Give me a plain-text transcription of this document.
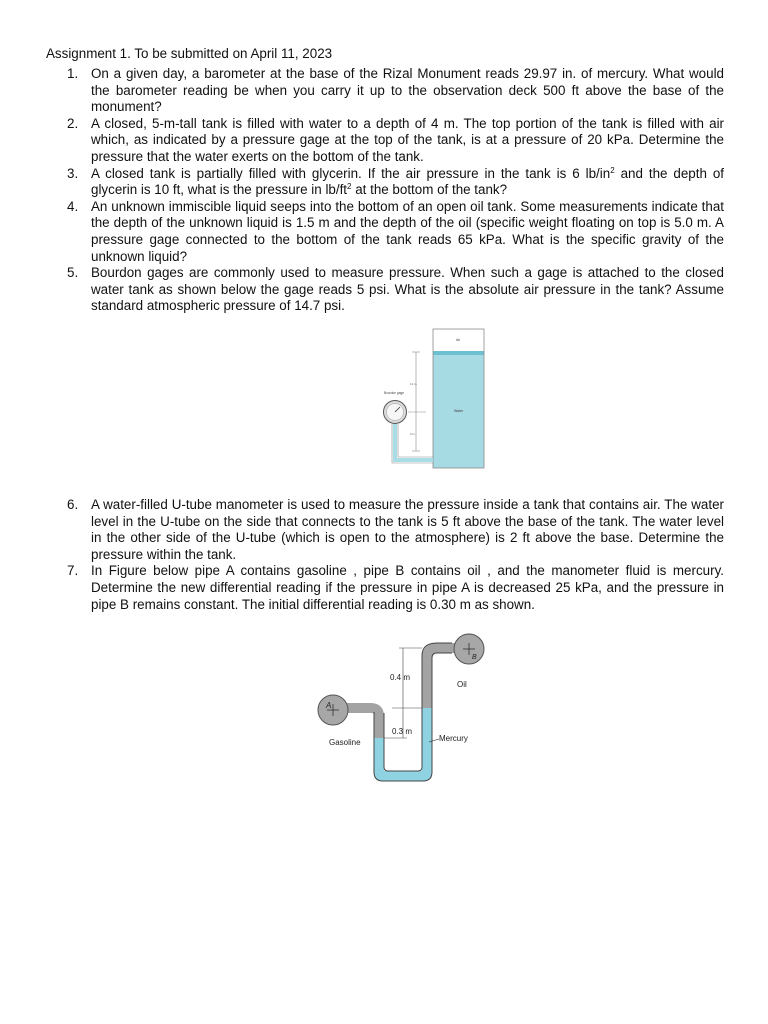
Assignment 1. To be submitted on April 11, 2023
1. On a given day, a barometer at the base of the Rizal Monument reads 29.97 in. of mercury. What would the barometer reading be when you carry it up to the observation deck 500 ft above the base of the monument?
2. A closed, 5-m-tall tank is filled with water to a depth of 4 m. The top portion of the tank is filled with air which, as indicated by a pressure gage at the top of the tank, is at a pressure of 20 kPa. Determine the pressure that the water exerts on the bottom of the tank.
3. A closed tank is partially filled with glycerin. If the air pressure in the tank is 6 $lb/in^2$ and the depth of glycerin is 10 ft, what is the pressure in $lb/ft^2$ at the bottom of the tank?
4. An unknown immiscible liquid seeps into the bottom of an open oil tank. Some measurements indicate that the depth of the unknown liquid is 1.5 m and the depth of the oil (specific weight floating on top is 5.0 m. A pressure gage connected to the bottom of the tank reads 65 kPa. What is the specific gravity of the unknown liquid?
5. Bourdon gages are commonly used to measure pressure. When such a gage is attached to the closed water tank as shown below the gage reads 5 psi. What is the absolute air pressure in the tank? Assume standard atmospheric pressure of 14.7 psi.
Air
Water
Bourdon gage
12 in.
6 in.
6. A water-filled U-tube manometer is used to measure the pressure inside a tank that contains air. The water level in the U-tube on the side that connects to the tank is 5 ft above the base of the tank. The water level in the other side of the U-tube (which is open to the atmosphere) is 2 ft above the base. Determine the pressure within the tank.
7. In Figure below pipe A contains gasoline , pipe B contains oil , and the manometer fluid is mercury. Determine the new differential reading if the pressure in pipe A is decreased 25 kPa, and the pressure in pipe B remains constant. The initial differential reading is 0.30 m as shown.
A
B
0.4 m
0.3 m
Oil
Gasoline	Mercury
